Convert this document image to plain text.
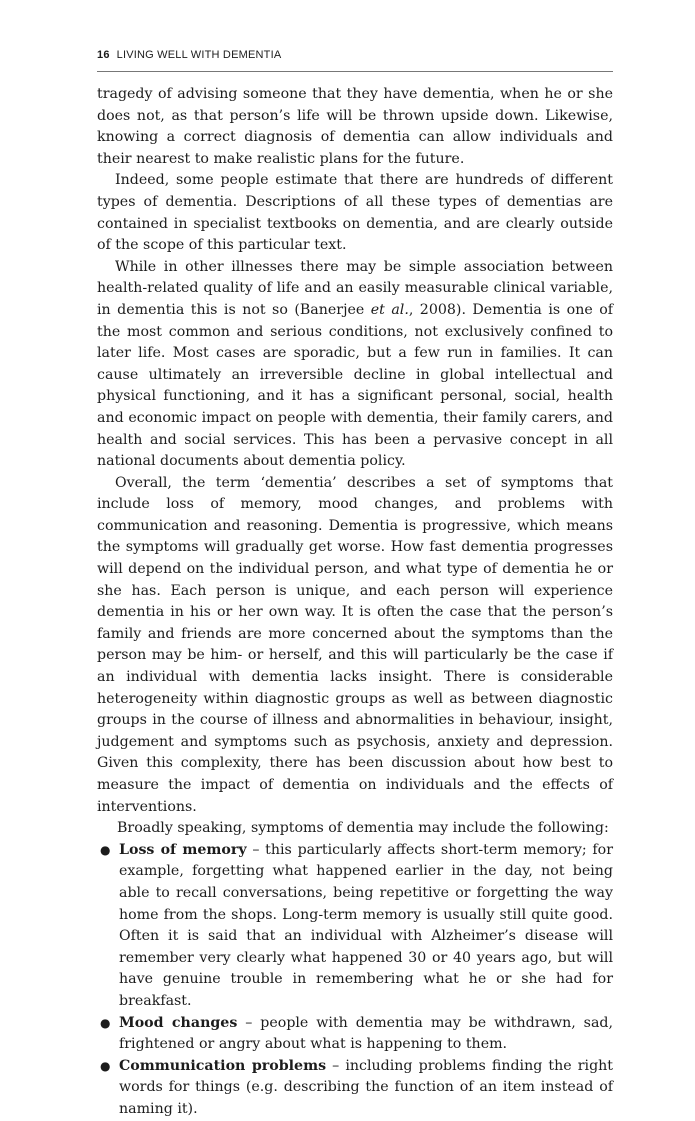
16 LIVING WELL WITH DEMENTIA

tragedy of advising someone that they have dementia, when he or she does not, as that person’s life will be thrown upside down. Likewise, knowing a correct diagnosis of dementia can allow individuals and their nearest to make realistic plans for the future.

Indeed, some people estimate that there are hundreds of different types of dementia. Descriptions of all these types of dementias are contained in specialist textbooks on dementia, and are clearly outside of the scope of this particular text.

While in other illnesses there may be simple association between health-related quality of life and an easily measurable clinical variable, in dementia this is not so (Banerjee et al., 2008). Dementia is one of the most common and serious conditions, not exclusively confined to later life. Most cases are sporadic, but a few run in families. It can cause ultimately an irreversible decline in global intellectual and physical functioning, and it has a significant personal, social, health and economic impact on people with dementia, their family carers, and health and social services. This has been a pervasive concept in all national documents about dementia policy.

Overall, the term ‘dementia’ describes a set of symptoms that include loss of memory, mood changes, and problems with communication and reasoning. Dementia is progressive, which means the symptoms will gradually get worse. How fast dementia progresses will depend on the individual person, and what type of dementia he or she has. Each person is unique, and each person will experience dementia in his or her own way. It is often the case that the person’s family and friends are more concerned about the symptoms than the person may be him- or herself, and this will particularly be the case if an individual with dementia lacks insight. There is considerable heterogeneity within diagnostic groups as well as between diagnostic groups in the course of illness and abnormalities in behaviour, insight, judgement and symptoms such as psychosis, anxiety and depression. Given this complexity, there has been discussion about how best to measure the impact of dementia on individuals and the effects of interventions.

Broadly speaking, symptoms of dementia may include the following:

● Loss of memory – this particularly affects short-term memory; for example, forgetting what happened earlier in the day, not being able to recall conversations, being repetitive or forgetting the way home from the shops. Long-term memory is usually still quite good. Often it is said that an individual with Alzheimer’s disease will remember very clearly what happened 30 or 40 years ago, but will have genuine trouble in remembering what he or she had for breakfast.
● Mood changes – people with dementia may be withdrawn, sad, frightened or angry about what is happening to them.
● Communication problems – including problems finding the right words for things (e.g. describing the function of an item instead of naming it).
